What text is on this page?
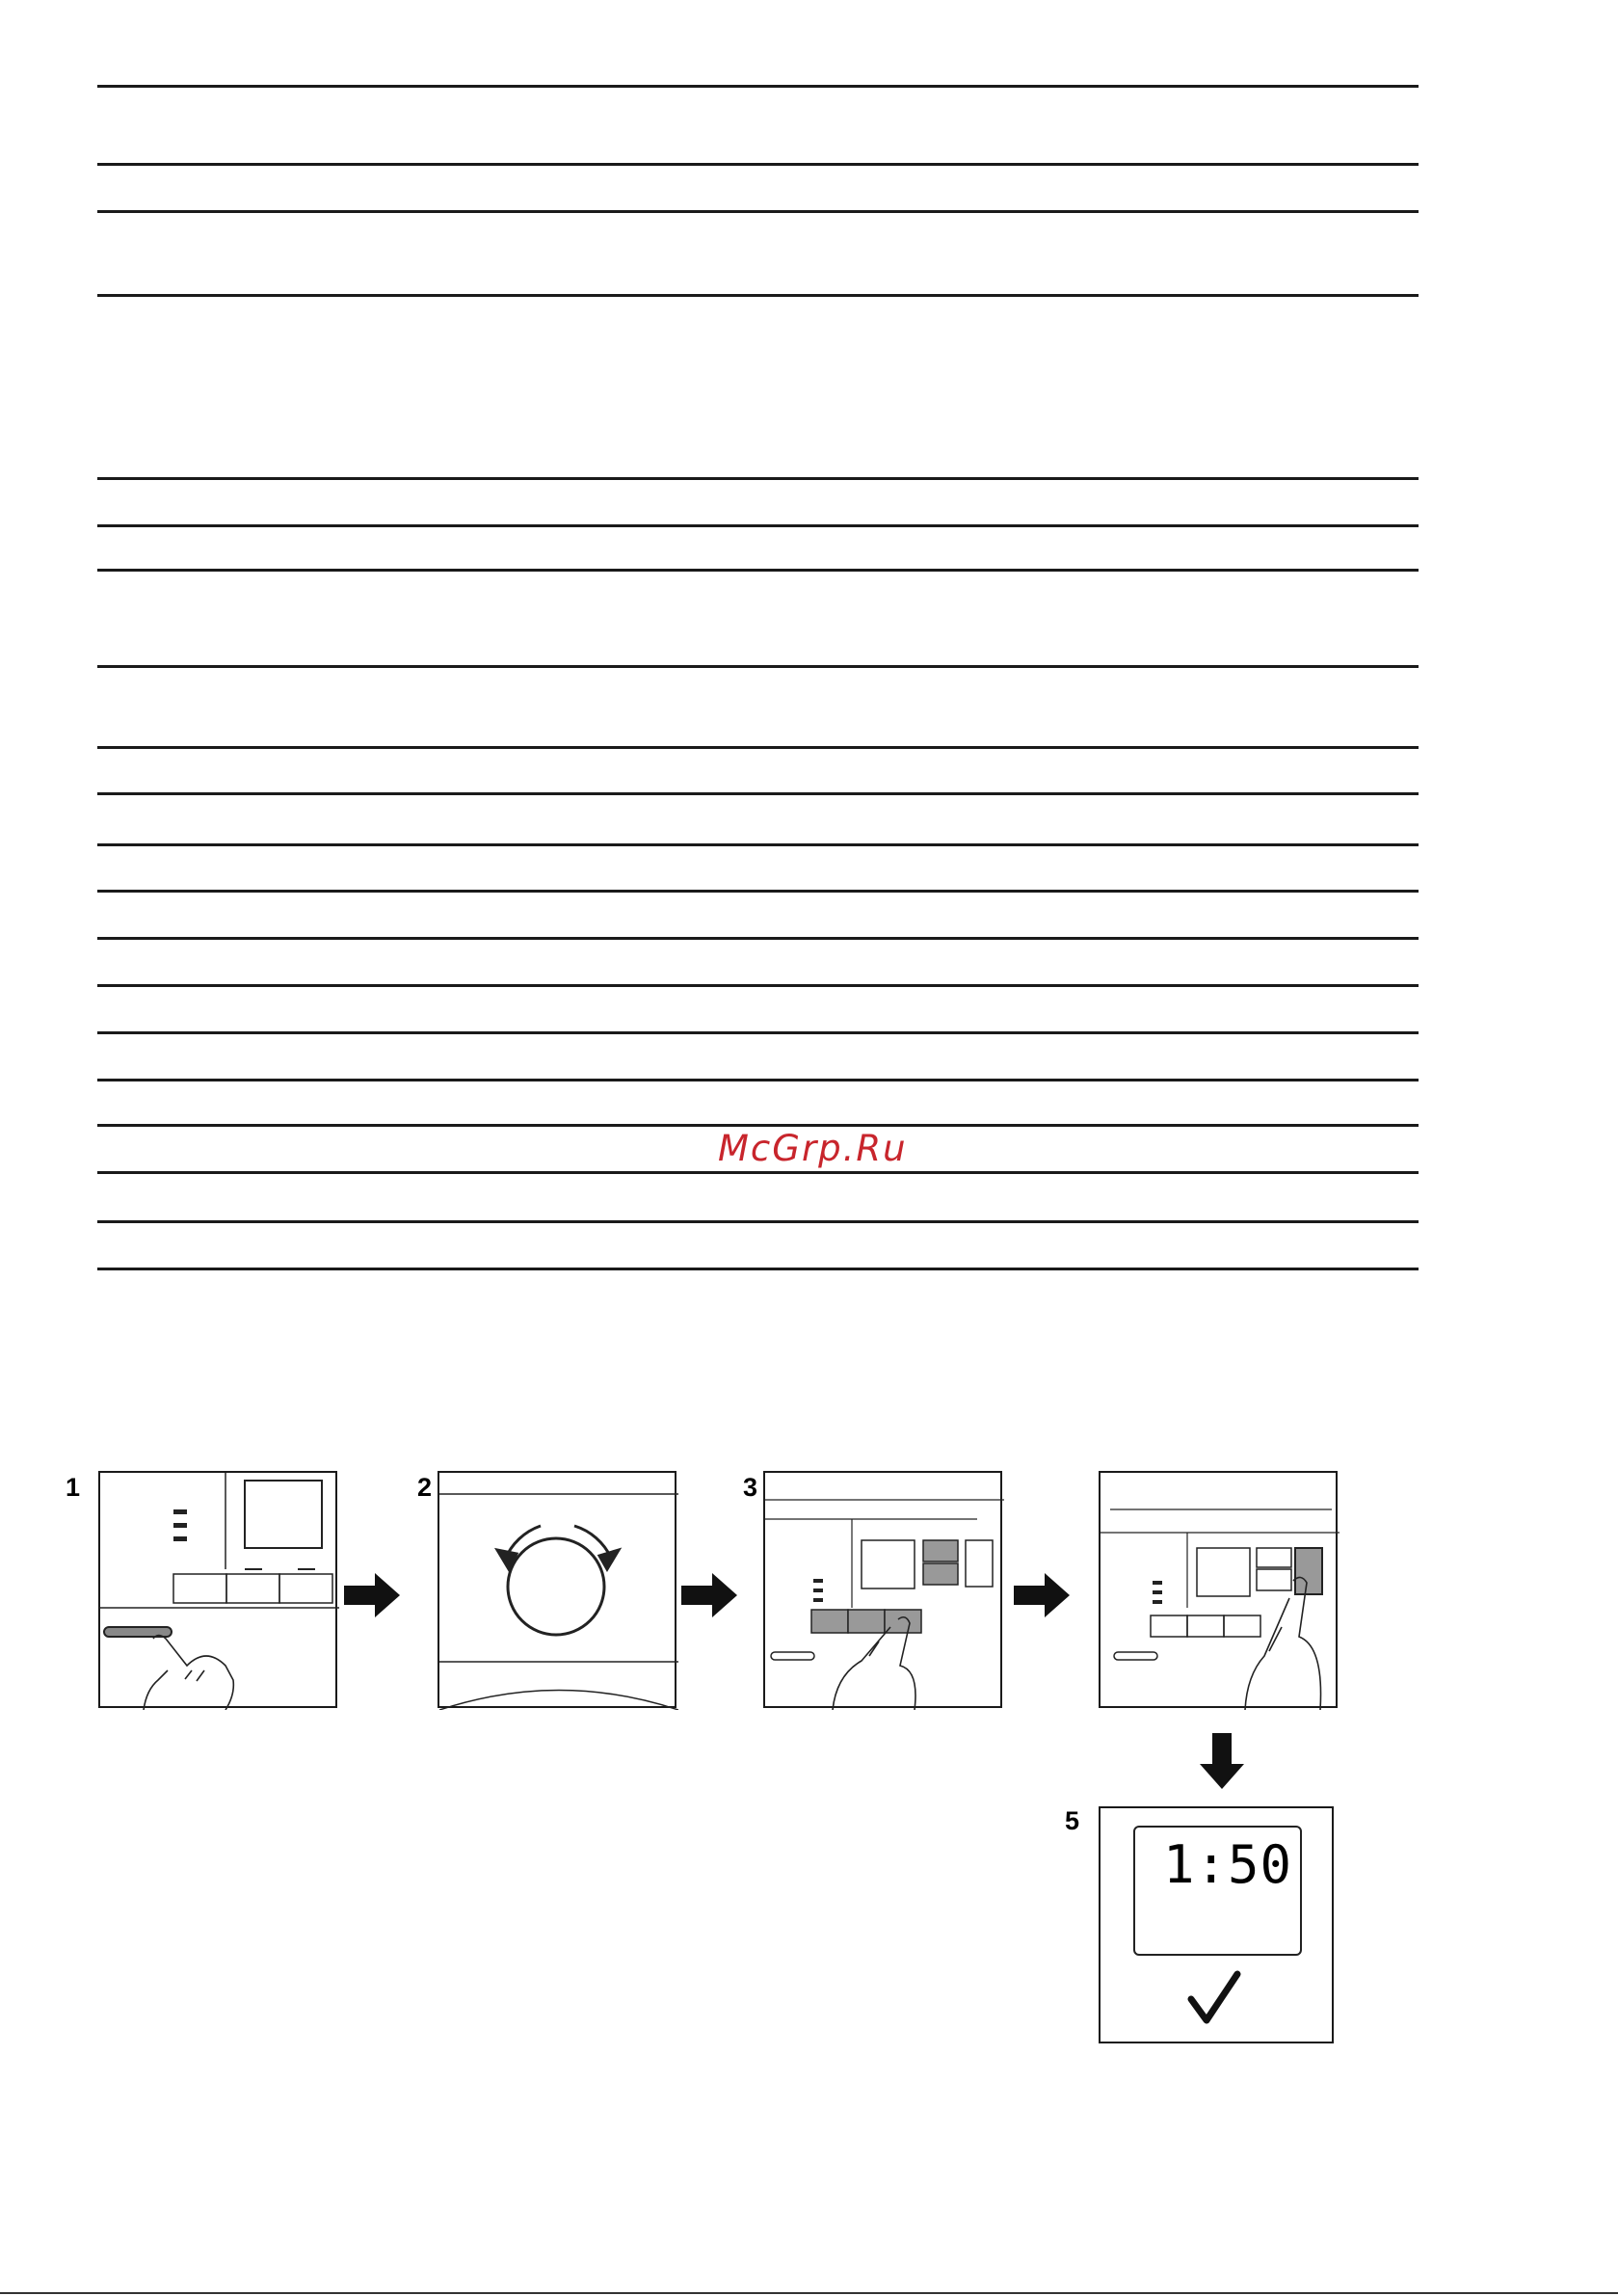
McGrp.Ru
1	2	3
5
1:50
